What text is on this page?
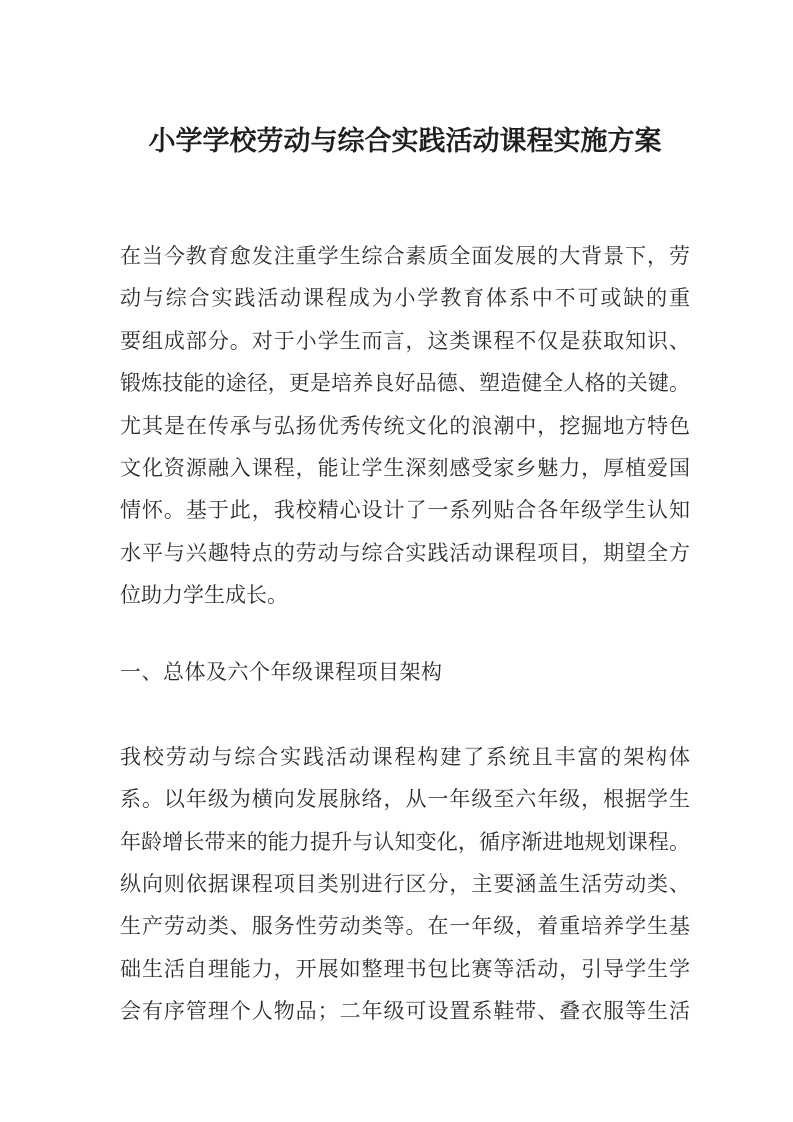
小学学校劳动与综合实践活动课程实施方案
在当今教育愈发注重学生综合素质全面发展的大背景下，劳
动与综合实践活动课程成为小学教育体系中不可或缺的重
要组成部分。对于小学生而言，这类课程不仅是获取知识、
锻炼技能的途径，更是培养良好品德、塑造健全人格的关键。
尤其是在传承与弘扬优秀传统文化的浪潮中，挖掘地方特色
文化资源融入课程，能让学生深刻感受家乡魅力，厚植爱国
情怀。基于此，我校精心设计了一系列贴合各年级学生认知
水平与兴趣特点的劳动与综合实践活动课程项目，期望全方
位助力学生成长。
一、总体及六个年级课程项目架构
我校劳动与综合实践活动课程构建了系统且丰富的架构体
系。以年级为横向发展脉络，从一年级至六年级，根据学生
年龄增长带来的能力提升与认知变化，循序渐进地规划课程。
纵向则依据课程项目类别进行区分，主要涵盖生活劳动类、
生产劳动类、服务性劳动类等。在一年级，着重培养学生基
础生活自理能力，开展如整理书包比赛等活动，引导学生学
会有序管理个人物品；二年级可设置系鞋带、叠衣服等生活
